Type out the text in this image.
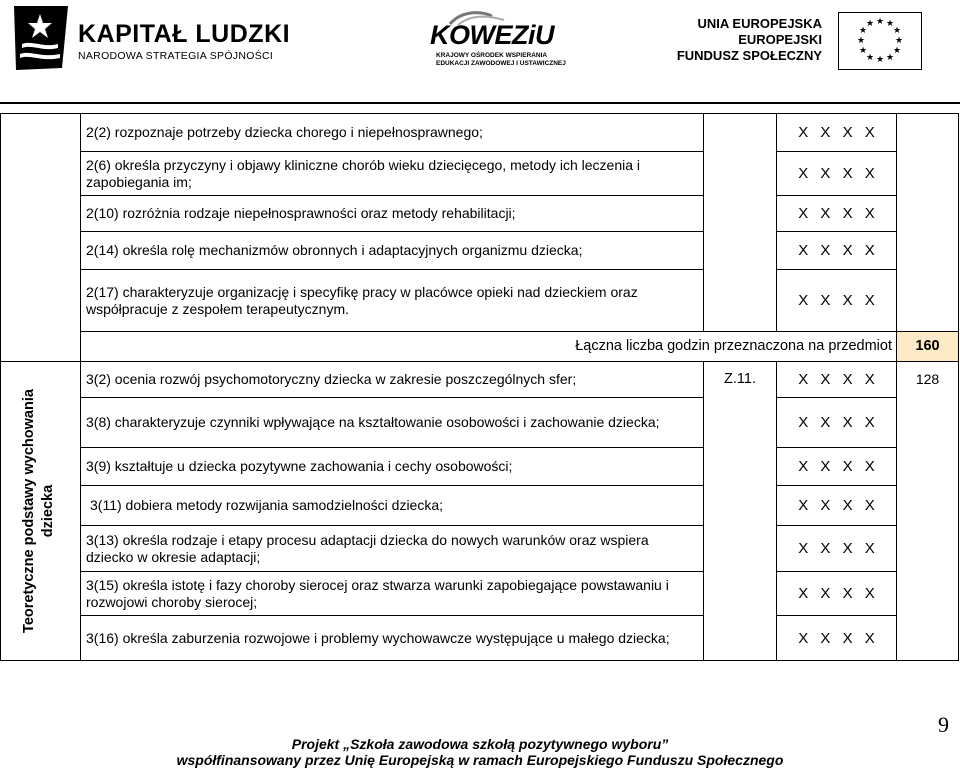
KAPITAŁ LUDZKI
NARODOWA STRATEGIA SPÓJNOŚCI
KOWEZiU
KRAJOWY OŚRODEK WSPIERANIA
EDUKACJI ZAWODOWEJ I USTAWICZNEJ
UNIA EUROPEJSKA
EUROPEJSKI
FUNDUSZ SPOŁECZNY
★ ★
★
★
★
★
★
★
★
★
★
★
	2(2) rozpoznaje potrzeby dziecka chorego i niepełnosprawnego;		X X X X	
	2(6) określa przyczyny i objawy kliniczne chorób wieku dziecięcego, metody ich leczenia i zapobiegania im;		X X X X	
	2(10) rozróżnia rodzaje niepełnosprawności oraz metody rehabilitacji;		X X X X	
	2(14) określa rolę mechanizmów obronnych i adaptacyjnych organizmu dziecka;		X X X X	
	2(17) charakteryzuje organizację i specyfikę pracy w placówce opieki nad dzieckiem oraz współpracuje z zespołem terapeutycznym.		X X X X	
	Łączna liczba godzin przeznaczona na przedmiot			160

Teoretyczne podstawy wychowania dziecka	3(2) ocenia rozwój psychomotoryczny dziecka w zakresie poszczególnych sfer;	Z.11.	X X X X	128
	3(8) charakteryzuje czynniki wpływające na kształtowanie osobowości i zachowanie dziecka;		X X X X	
	3(9) kształtuje u dziecka pozytywne zachowania i cechy osobowości;		X X X X	
	3(11) dobiera metody rozwijania samodzielności dziecka;		X X X X	
	3(13) określa rodzaje i etapy procesu adaptacji dziecka do nowych warunków oraz wspiera dziecko w okresie adaptacji;		X X X X	
	3(15) określa istotę i fazy choroby sierocej oraz stwarza warunki zapobiegające powstawaniu i rozwojowi choroby sierocej;		X X X X	
	3(16) określa zaburzenia rozwojowe i problemy wychowawcze występujące u małego dziecka;		X X X X	
9
Projekt „Szkoła zawodowa szkołą pozytywnego wyboru”
współfinansowany przez Unię Europejską w ramach Europejskiego Funduszu Społecznego
